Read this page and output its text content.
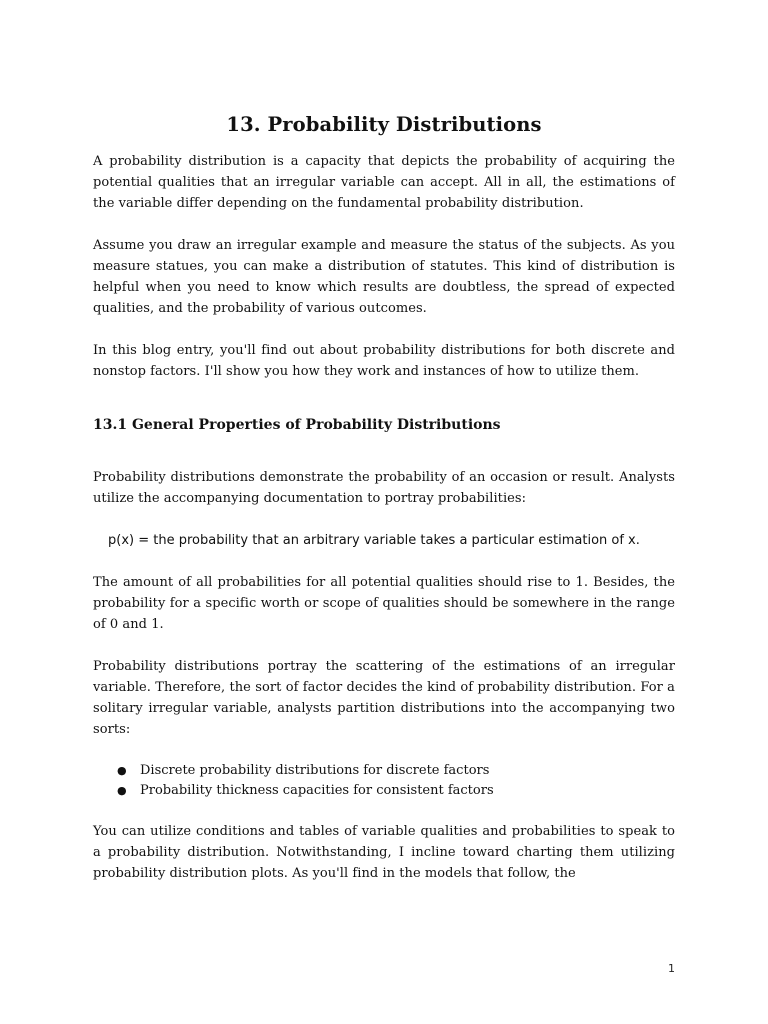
13. Probability Distributions

A probability distribution is a capacity that depicts the probability of acquiring the potential qualities that an irregular variable can accept. All in all, the estimations of the variable differ depending on the fundamental probability distribution.

Assume you draw an irregular example and measure the status of the subjects. As you measure statues, you can make a distribution of statutes. This kind of distribution is helpful when you need to know which results are doubtless, the spread of expected qualities, and the probability of various outcomes.

In this blog entry, you'll find out about probability distributions for both discrete and nonstop factors. I'll show you how they work and instances of how to utilize them.

13.1 General Properties of Probability Distributions

Probability distributions demonstrate the probability of an occasion or result. Analysts utilize the accompanying documentation to portray probabilities:

p(x) = the probability that an arbitrary variable takes a particular estimation of x.

The amount of all probabilities for all potential qualities should rise to 1. Besides, the probability for a specific worth or scope of qualities should be somewhere in the range of 0 and 1.

Probability distributions portray the scattering of the estimations of an irregular variable. Therefore, the sort of factor decides the kind of probability distribution. For a solitary irregular variable, analysts partition distributions into the accompanying two sorts:

● Discrete probability distributions for discrete factors
● Probability thickness capacities for consistent factors

You can utilize conditions and tables of variable qualities and probabilities to speak to a probability distribution. Notwithstanding, I incline toward charting them utilizing probability distribution plots. As you'll find in the models that follow, the

1
